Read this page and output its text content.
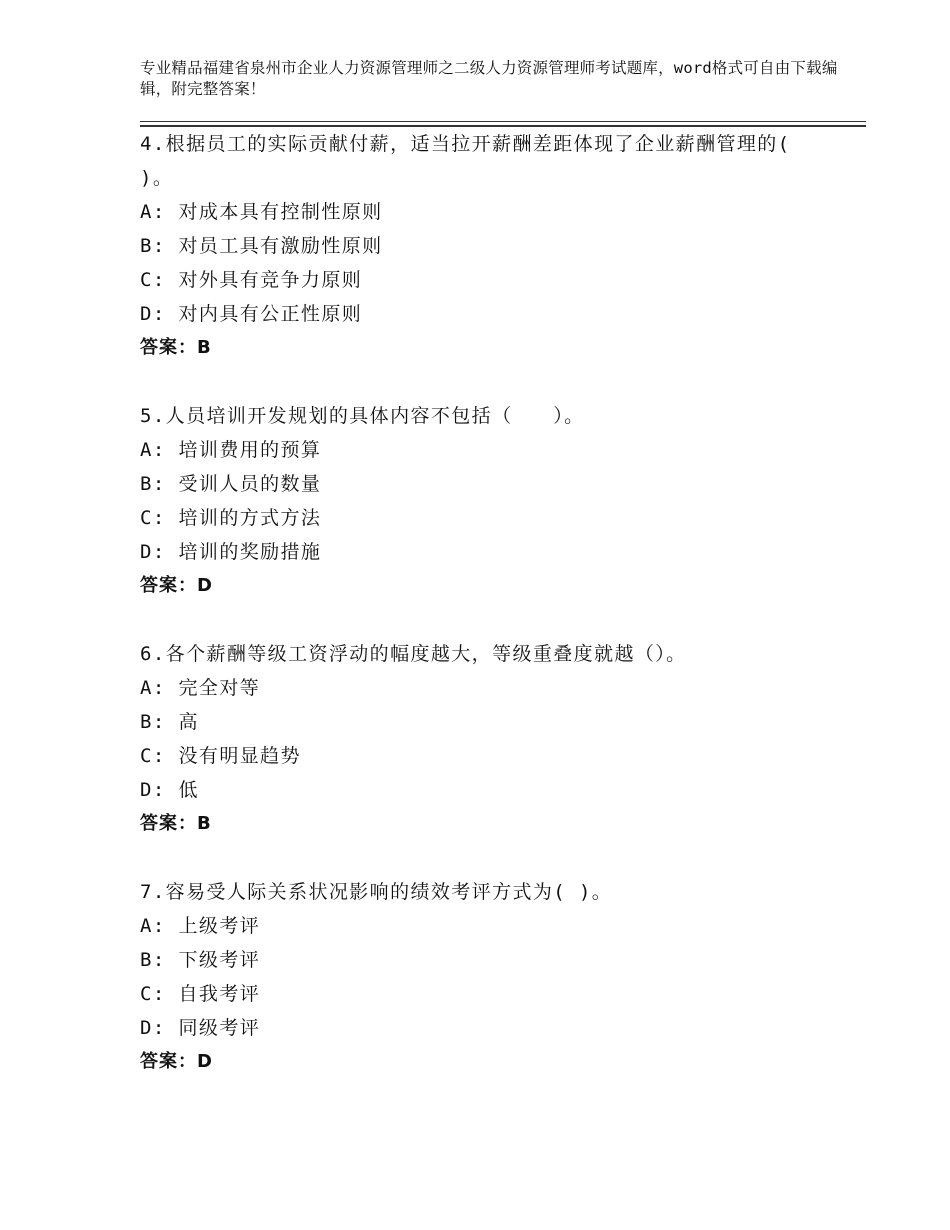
专业精品福建省泉州市企业人力资源管理师之二级人力资源管理师考试题库，word格式可自由下载编辑，附完整答案！
4.根据员工的实际贡献付薪，适当拉开薪酬差距体现了企业薪酬管理的( )。
A: 对成本具有控制性原则
B: 对员工具有激励性原则
C: 对外具有竞争力原则
D: 对内具有公正性原则
答案：B
5.人员培训开发规划的具体内容不包括（　　）。
A: 培训费用的预算
B: 受训人员的数量
C: 培训的方式方法
D: 培训的奖励措施
答案：D
6.各个薪酬等级工资浮动的幅度越大，等级重叠度就越（）。
A: 完全对等
B: 高
C: 没有明显趋势
D: 低
答案：B
7.容易受人际关系状况影响的绩效考评方式为( )。
A: 上级考评
B: 下级考评
C: 自我考评
D: 同级考评
答案：D
